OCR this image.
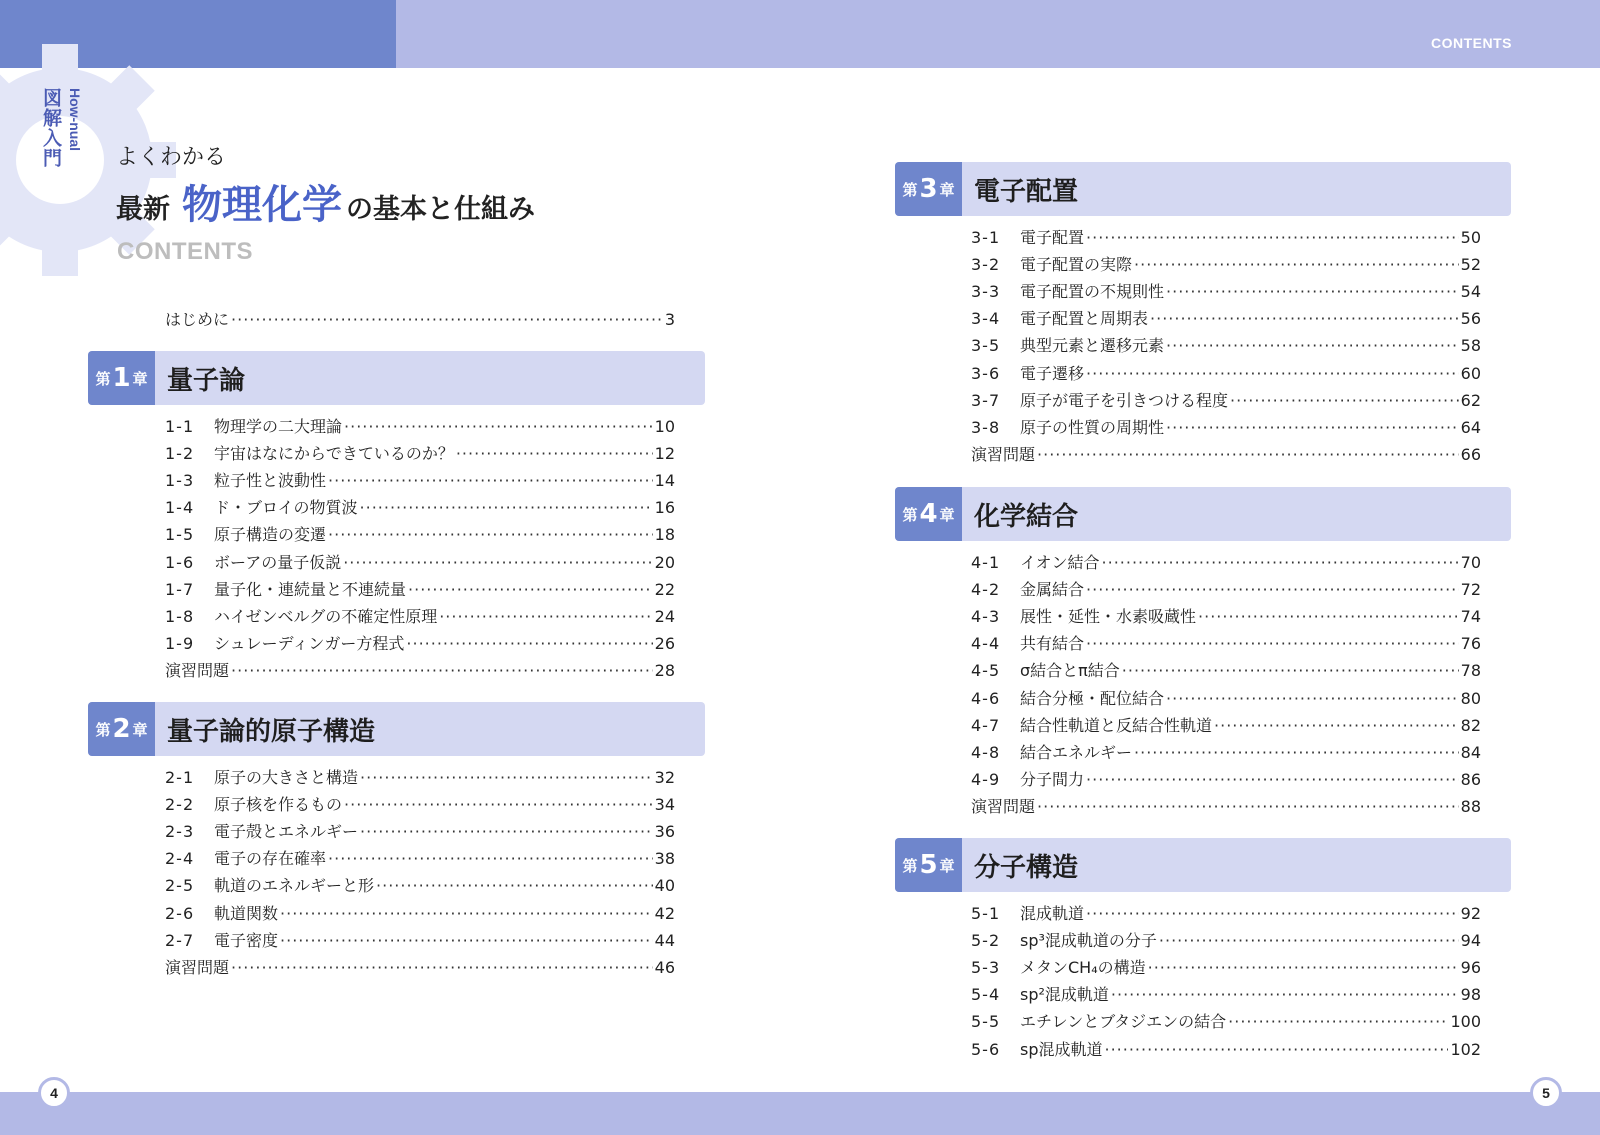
CONTENTS
図解入門 How-nual
よくわかる
最新 物理化学 の基本と仕組み
CONTENTS
はじめに ·····	3
第 1 章 量子論
1-1	物理学の二大理論 ·····	10
1-2	宇宙はなにからできているのか？ ·····	12
1-3	粒子性と波動性 ·····	14
1-4	ド・ブロイの物質波 ·····	16
1-5	原子構造の変遷 ·····	18
1-6	ボーアの量子仮説 ·····	20
1-7	量子化・連続量と不連続量 ·····	22
1-8	ハイゼンベルグの不確定性原理 ·····	24
1-9	シュレーディンガー方程式 ·····	26
演習問題 ·····	28
第 2 章 量子論的原子構造
2-1	原子の大きさと構造 ·····	32
2-2	原子核を作るもの ·····	34
2-3	電子殻とエネルギー ·····	36
2-4	電子の存在確率 ·····	38
2-5	軌道のエネルギーと形 ·····	40
2-6	軌道関数 ·····	42
2-7	電子密度 ·····	44
演習問題 ·····	46
第 3 章 電子配置
3-1	電子配置 ·····	50
3-2	電子配置の実際 ·····	52
3-3	電子配置の不規則性 ·····	54
3-4	電子配置と周期表 ·····	56
3-5	典型元素と遷移元素 ·····	58
3-6	電子遷移 ·····	60
3-7	原子が電子を引きつける程度 ·····	62
3-8	原子の性質の周期性 ·····	64
演習問題 ·····	66
第 4 章 化学結合
4-1	イオン結合 ·····	70
4-2	金属結合 ·····	72
4-3	展性・延性・水素吸蔵性 ·····	74
4-4	共有結合 ·····	76
4-5	σ結合とπ結合 ·····	78
4-6	結合分極・配位結合 ·····	80
4-7	結合性軌道と反結合性軌道 ·····	82
4-8	結合エネルギー ·····	84
4-9	分子間力 ·····	86
演習問題 ·····	88
第 5 章 分子構造
5-1	混成軌道 ·····	92
5-2	sp³混成軌道の分子 ·····	94
5-3	メタンCH₄の構造 ·····	96
5-4	sp²混成軌道 ·····	98
5-5	エチレンとブタジエンの結合 ·····	100
5-6	sp混成軌道 ·····	102
4	5
